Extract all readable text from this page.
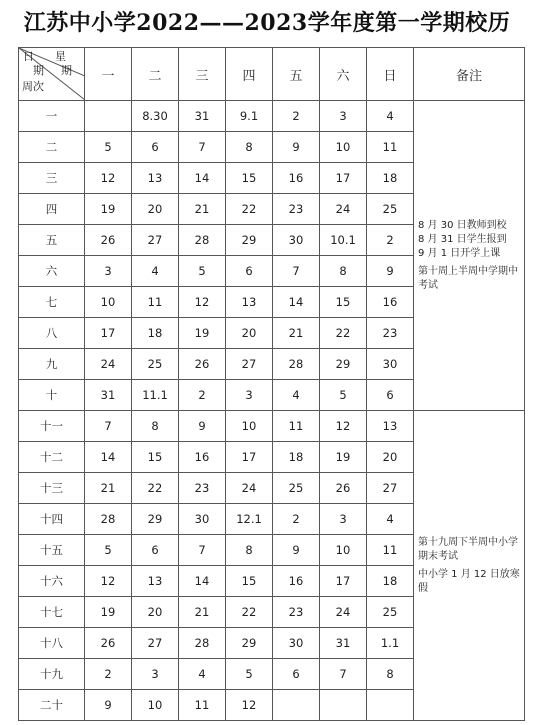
江苏中小学2022——2023学年度第一学期校历
日 星
期 期
周次	一	二	三	四	五	六	日	备注
一		8.30	31	9.1	2	3	4	8 月 30 日教师到校
8 月 31 日学生报到
9 月 1 日开学上课
第十周上半周中学期中考试

二	5	6	7	8	9	10	11	
三	12	13	14	15	16	17	18	
四	19	20	21	22	23	24	25	
五	26	27	28	29	30	10.1	2	
六	3	4	5	6	7	8	9	
七	10	11	12	13	14	15	16	
八	17	18	19	20	21	22	23	
九	24	25	26	27	28	29	30	
十	31	11.1	2	3	4	5	6	
十一	7	8	9	10	11	12	13	第十九周下半周中小学期末考试
中小学 1 月 12 日放寒假

十二	14	15	16	17	18	19	20	
十三	21	22	23	24	25	26	27	
十四	28	29	30	12.1	2	3	4	
十五	5	6	7	8	9	10	11	
十六	12	13	14	15	16	17	18	
十七	19	20	21	22	23	24	25	
十八	26	27	28	29	30	31	1.1	
十九	2	3	4	5	6	7	8	
二十	9	10	11	12				
